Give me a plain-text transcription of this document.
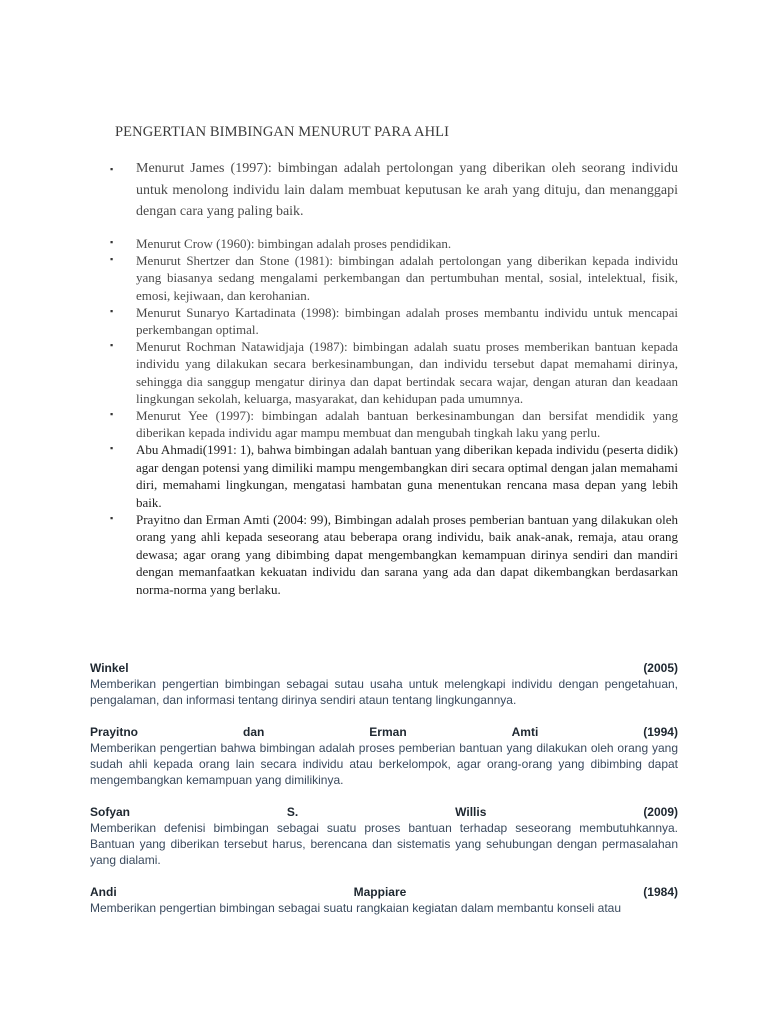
PENGERTIAN BIMBINGAN MENURUT PARA AHLI
▪ Menurut James (1997): bimbingan adalah pertolongan yang diberikan oleh seorang individu untuk menolong individu lain dalam membuat keputusan ke arah yang dituju, dan menanggapi dengan cara yang paling baik.
▪ Menurut Crow (1960): bimbingan adalah proses pendidikan.
▪ Menurut Shertzer dan Stone (1981): bimbingan adalah pertolongan yang diberikan kepada individu yang biasanya sedang mengalami perkembangan dan pertumbuhan mental, sosial, intelektual, fisik, emosi, kejiwaan, dan kerohanian.
▪ Menurut Sunaryo Kartadinata (1998): bimbingan adalah proses membantu individu untuk mencapai perkembangan optimal.
▪ Menurut Rochman Natawidjaja (1987): bimbingan adalah suatu proses memberikan bantuan kepada individu yang dilakukan secara berkesinambungan, dan individu tersebut dapat memahami dirinya, sehingga dia sanggup mengatur dirinya dan dapat bertindak secara wajar, dengan aturan dan keadaan lingkungan sekolah, keluarga, masyarakat, dan kehidupan pada umumnya.
▪ Menurut Yee (1997): bimbingan adalah bantuan berkesinambungan dan bersifat mendidik yang diberikan kepada individu agar mampu membuat dan mengubah tingkah laku yang perlu.
▪ Abu Ahmadi(1991: 1), bahwa bimbingan adalah bantuan yang diberikan kepada individu (peserta didik) agar dengan potensi yang dimiliki mampu mengembangkan diri secara optimal dengan jalan memahami diri, memahami lingkungan, mengatasi hambatan guna menentukan rencana masa depan yang lebih baik.
▪ Prayitno dan Erman Amti (2004: 99), Bimbingan adalah proses pemberian bantuan yang dilakukan oleh orang yang ahli kepada seseorang atau beberapa orang individu, baik anak-anak, remaja, atau orang dewasa; agar orang yang dibimbing dapat mengembangkan kemampuan dirinya sendiri dan mandiri dengan memanfaatkan kekuatan individu dan sarana yang ada dan dapat dikembangkan berdasarkan norma-norma yang berlaku.
Winkel	(2005)
Memberikan pengertian bimbingan sebagai sutau usaha untuk melengkapi individu dengan pengetahuan, pengalaman, dan informasi tentang dirinya sendiri ataun tentang lingkungannya.
Prayitno	dan	Erman	Amti	(1994)
Memberikan pengertian bahwa bimbingan adalah proses pemberian bantuan yang dilakukan oleh orang yang sudah ahli kepada orang lain secara individu atau berkelompok, agar orang-orang yang dibimbing dapat mengembangkan kemampuan yang dimilikinya.
Sofyan	S.	Willis	(2009)
Memberikan defenisi bimbingan sebagai suatu proses bantuan terhadap seseorang membutuhkannya. Bantuan yang diberikan tersebut harus, berencana dan sistematis yang sehubungan dengan permasalahan yang dialami.
Andi	Mappiare	(1984)
Memberikan pengertian bimbingan sebagai suatu rangkaian kegiatan dalam membantu konseli atau
